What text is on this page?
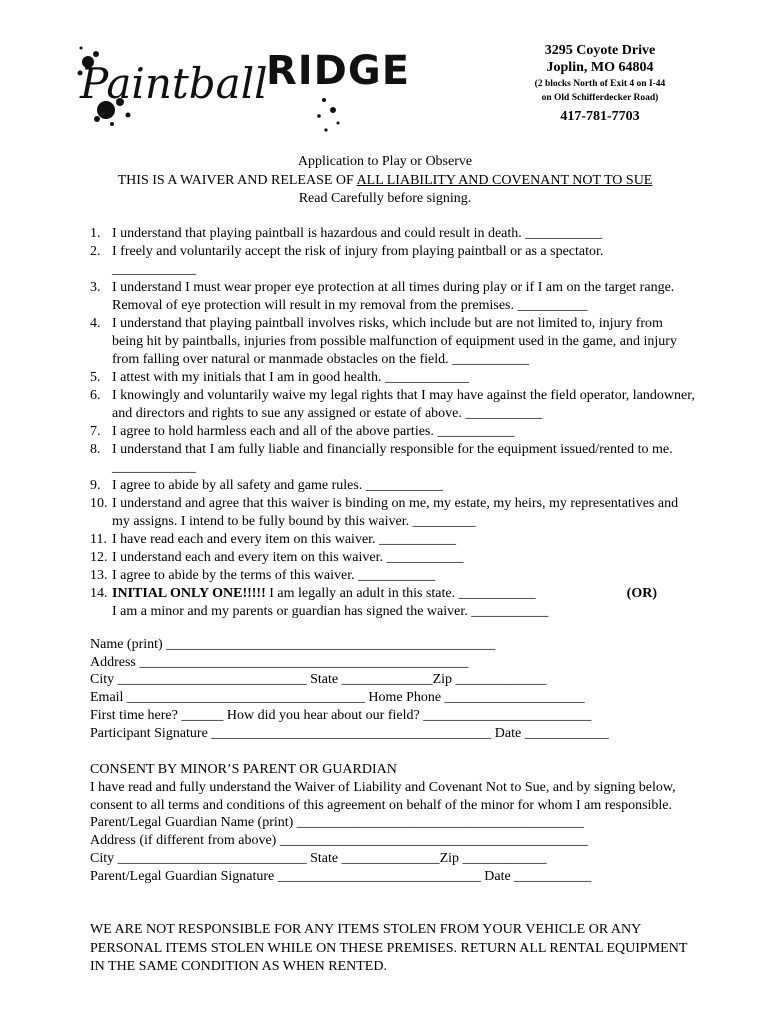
Paintball
RIDGE	3295 Coyote Drive
Joplin, MO 64804
(2 blocks North of Exit 4 on I-44
on Old Schifferdecker Road)
417-781-7703
Application to Play or Observe
THIS IS A WAIVER AND RELEASE OF ALL LIABILITY AND COVENANT NOT TO SUE
Read Carefully before signing.
1. I understand that playing paintball is hazardous and could result in death. ___________
2. I freely and voluntarily accept the risk of injury from playing paintball or as a spectator.
____________
3. I understand I must wear proper eye protection at all times during play or if I am on the target range. Removal of eye protection will result in my removal from the premises. __________
4. I understand that playing paintball involves risks, which include but are not limited to, injury from being hit by paintballs, injuries from possible malfunction of equipment used in the game, and injury from falling over natural or manmade obstacles on the field. ___________
5. I attest with my initials that I am in good health. ____________
6. I knowingly and voluntarily waive my legal rights that I may have against the field operator, landowner, and directors and rights to sue any assigned or estate of above. ___________
7. I agree to hold harmless each and all of the above parties. ___________
8. I understand that I am fully liable and financially responsible for the equipment issued/rented to me. ____________
9. I agree to abide by all safety and game rules. ___________
10. I understand and agree that this waiver is binding on me, my estate, my heirs, my representatives and my assigns. I intend to be fully bound by this waiver. _________
11. I have read each and every item on this waiver. ___________
12. I understand each and every item on this waiver. ___________
13. I agree to abide by the terms of this waiver. ___________
14. INITIAL ONLY ONE!!!!! I am legally an adult in this state. ___________
I am a minor and my parents or guardian has signed the waiver. ___________
(OR)
Name (print) _______________________________________________
Address _______________________________________________
City ___________________________ State _____________Zip _____________
Email __________________________________ Home Phone ____________________
First time here? ______ How did you hear about our field? ________________________
Participant Signature ________________________________________ Date ____________
CONSENT BY MINOR’S PARENT OR GUARDIAN
I have read and fully understand the Waiver of Liability and Covenant Not to Sue, and by signing below, consent to all terms and conditions of this agreement on behalf of the minor for whom I am responsible.
Parent/Legal Guardian Name (print) _________________________________________
Address (if different from above) ____________________________________________
City ___________________________ State ______________Zip ____________
Parent/Legal Guardian Signature _____________________________ Date ___________
WE ARE NOT RESPONSIBLE FOR ANY ITEMS STOLEN FROM YOUR VEHICLE OR ANY PERSONAL ITEMS STOLEN WHILE ON THESE PREMISES. RETURN ALL RENTAL EQUIPMENT IN THE SAME CONDITION AS WHEN RENTED.
